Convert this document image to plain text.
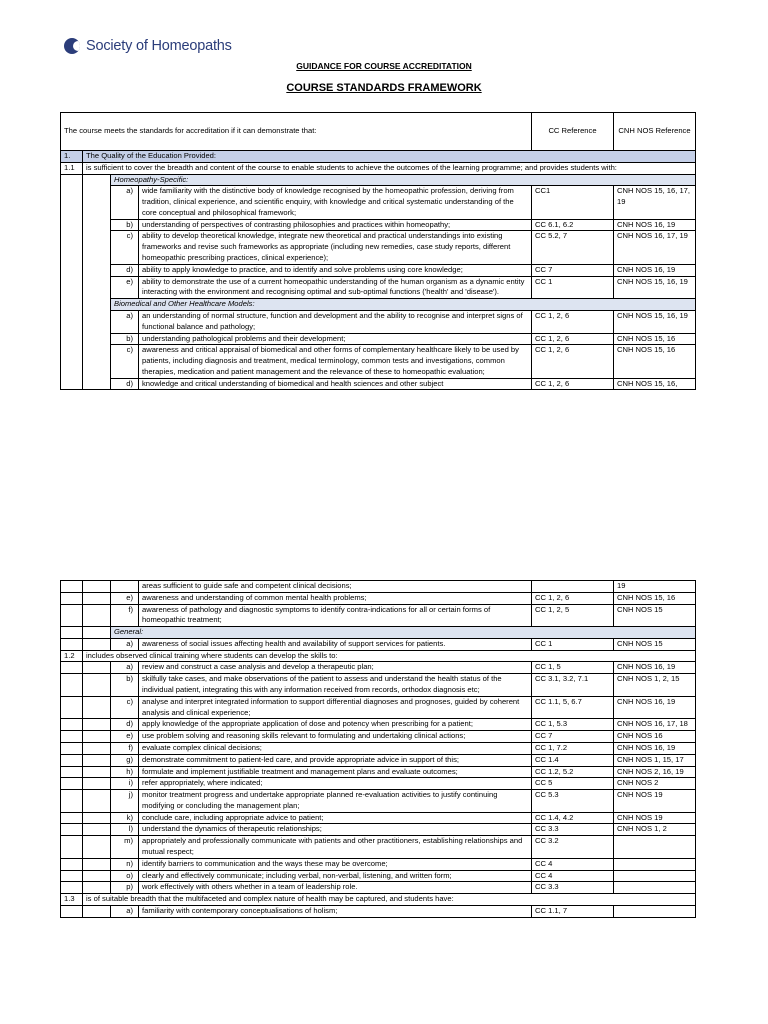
Society of Homeopaths
GUIDANCE FOR COURSE ACCREDITATION
COURSE STANDARDS FRAMEWORK
The course meets the standards for accreditation if it can demonstrate that:				CC Reference	CNH NOS Reference
1.	The Quality of the Education Provided:				
1.1	is sufficient to cover the breadth and content of the course to enable students to achieve the outcomes of the learning programme; and provides students with:				
		Homeopathy-Specific:			
		a)	wide familiarity with the distinctive body of knowledge recognised by the homeopathic profession, deriving from tradition, clinical experience, and scientific enquiry, with knowledge and critical systematic understanding of the core conceptual and philosophical framework;	CC1	CNH NOS 15, 16, 17, 19
		b)	understanding of perspectives of contrasting philosophies and practices within homeopathy;	CC 6.1, 6.2	CNH NOS 16, 19
		c)	ability to develop theoretical knowledge, integrate new theoretical and practical understandings into existing frameworks and revise such frameworks as appropriate (including new remedies, case study reports, different homeopathic prescribing practices, clinical experience);	CC 5.2, 7	CNH NOS 16, 17, 19
		d)	ability to apply knowledge to practice, and to identify and solve problems using core knowledge;	CC 7	CNH NOS 16, 19
		e)	ability to demonstrate the use of a current homeopathic understanding of the human organism as a dynamic entity interacting with the environment and recognising optimal and sub-optimal functions ('health' and 'disease').	CC 1	CNH NOS 15, 16, 19
		Biomedical and Other Healthcare Models:			
		a)	an understanding of normal structure, function and development and the ability to recognise and interpret signs of functional balance and pathology;	CC 1, 2, 6	CNH NOS 15, 16, 19
		b)	understanding pathological problems and their development;	CC 1, 2, 6	CNH NOS 15, 16
		c)	awareness and critical appraisal of biomedical and other forms of complementary healthcare likely to be used by patients, including diagnosis and treatment, medical terminology, common tests and investigations, common therapies, medication and patient management and the relevance of these to homeopathic evaluation;	CC 1, 2, 6	CNH NOS 15, 16
		d)	knowledge and critical understanding of biomedical and health sciences and other subject	CC 1, 2, 6	CNH NOS 15, 16,
			areas sufficient to guide safe and competent clinical decisions;		19
		e)	awareness and understanding of common mental health problems;	CC 1, 2, 6	CNH NOS 15, 16
		f)	awareness of pathology and diagnostic symptoms to identify contra-indications for all or certain forms of homeopathic treatment;	CC 1, 2, 5	CNH NOS 15
		General:			
		a)	awareness of social issues affecting health and availability of support services for patients.	CC 1	CNH NOS 15
1.2	includes observed clinical training where students can develop the skills to:				
		a)	review and construct a case analysis and develop a therapeutic plan;	CC 1, 5	CNH NOS 16, 19
		b)	skilfully take cases, and make observations of the patient to assess and understand the health status of the individual patient, integrating this with any information received from records, orthodox diagnosis etc;	CC 3.1, 3.2, 7.1	CNH NOS 1, 2, 15
		c)	analyse and interpret integrated information to support differential diagnoses and prognoses, guided by coherent analysis and clinical experience;	CC 1.1, 5, 6.7	CNH NOS 16, 19
		d)	apply knowledge of the appropriate application of dose and potency when prescribing for a patient;	CC 1, 5.3	CNH NOS 16, 17, 18
		e)	use problem solving and reasoning skills relevant to formulating and undertaking clinical actions;	CC 7	CNH NOS 16
		f)	evaluate complex clinical decisions;	CC 1, 7.2	CNH NOS 16, 19
		g)	demonstrate commitment to patient-led care, and provide appropriate advice in support of this;	CC 1.4	CNH NOS 1, 15, 17
		h)	formulate and implement justifiable treatment and management plans and evaluate outcomes;	CC 1.2, 5.2	CNH NOS 2, 16, 19
		i)	refer appropriately, where indicated;	CC 5	CNH NOS 2
		j)	monitor treatment progress and undertake appropriate planned re-evaluation activities to justify continuing modifying or concluding the management plan;	CC 5.3	CNH NOS 19
		k)	conclude care, including appropriate advice to patient;	CC 1.4, 4.2	CNH NOS 19
		l)	understand the dynamics of therapeutic relationships;	CC 3.3	CNH NOS 1, 2
		m)	appropriately and professionally communicate with patients and other practitioners, establishing relationships and mutual respect;	CC 3.2	
		n)	identify barriers to communication and the ways these may be overcome;	CC 4	
		o)	clearly and effectively communicate; including verbal, non-verbal, listening, and written form;	CC 4	
		p)	work effectively with others whether in a team of leadership role.	CC 3.3	
1.3	is of suitable breadth that the multifaceted and complex nature of health may be captured, and students have:				
		a)	familiarity with contemporary conceptualisations of holism;	CC 1.1, 7	
